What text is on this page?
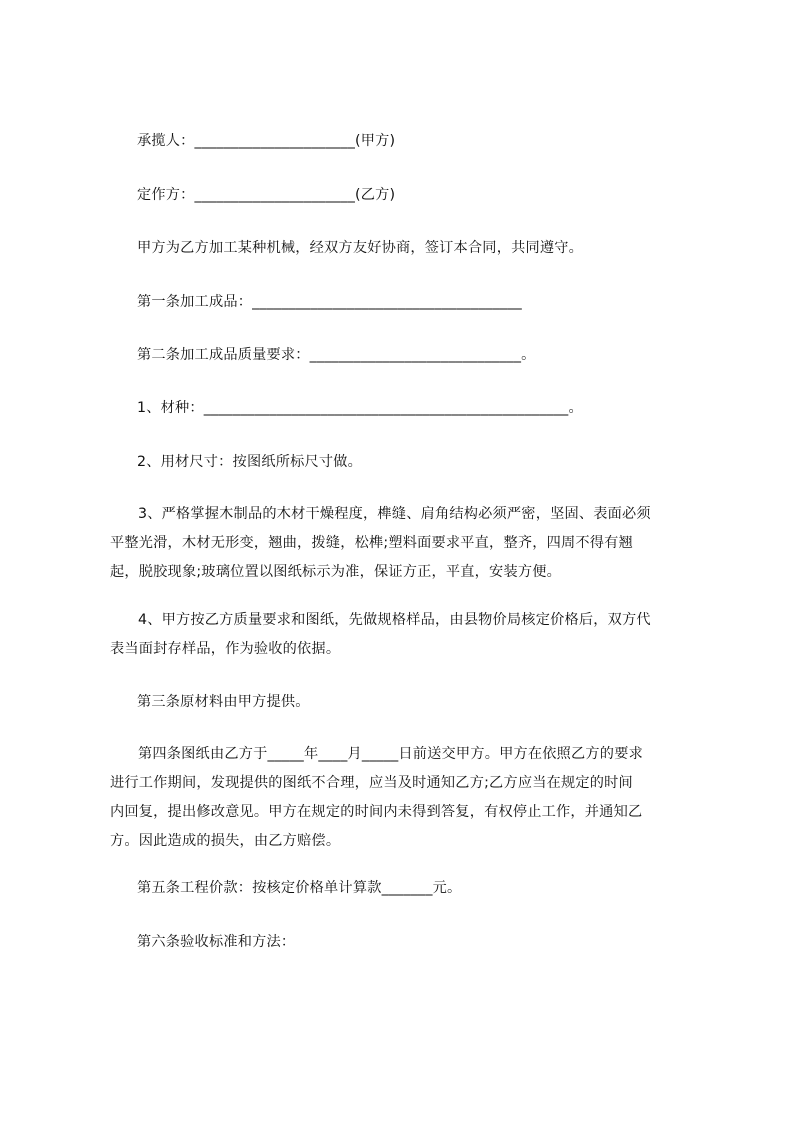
承揽人：______________________(甲方)
定作方：______________________(乙方)
甲方为乙方加工某种机械，经双方友好协商，签订本合同，共同遵守。
第一条加工成品：_____________________________________
第二条加工成品质量要求：_____________________________。
1、材种：__________________________________________________。
2、用材尺寸：按图纸所标尺寸做。
3、严格掌握木制品的木材干燥程度，榫缝、肩角结构必须严密，坚固、表面必须
平整光滑，木材无形变，翘曲，拨缝，松榫;塑料面要求平直，整齐，四周不得有翘
起，脱胶现象;玻璃位置以图纸标示为准，保证方正，平直，安装方便。
4、甲方按乙方质量要求和图纸，先做规格样品，由县物价局核定价格后，双方代
表当面封存样品，作为验收的依据。
第三条原材料由甲方提供。
第四条图纸由乙方于_____年____月_____日前送交甲方。甲方在依照乙方的要求
进行工作期间，发现提供的图纸不合理，应当及时通知乙方;乙方应当在规定的时间
内回复，提出修改意见。甲方在规定的时间内未得到答复，有权停止工作，并通知乙
方。因此造成的损失，由乙方赔偿。
第五条工程价款：按核定价格单计算款_______元。
第六条验收标准和方法：
